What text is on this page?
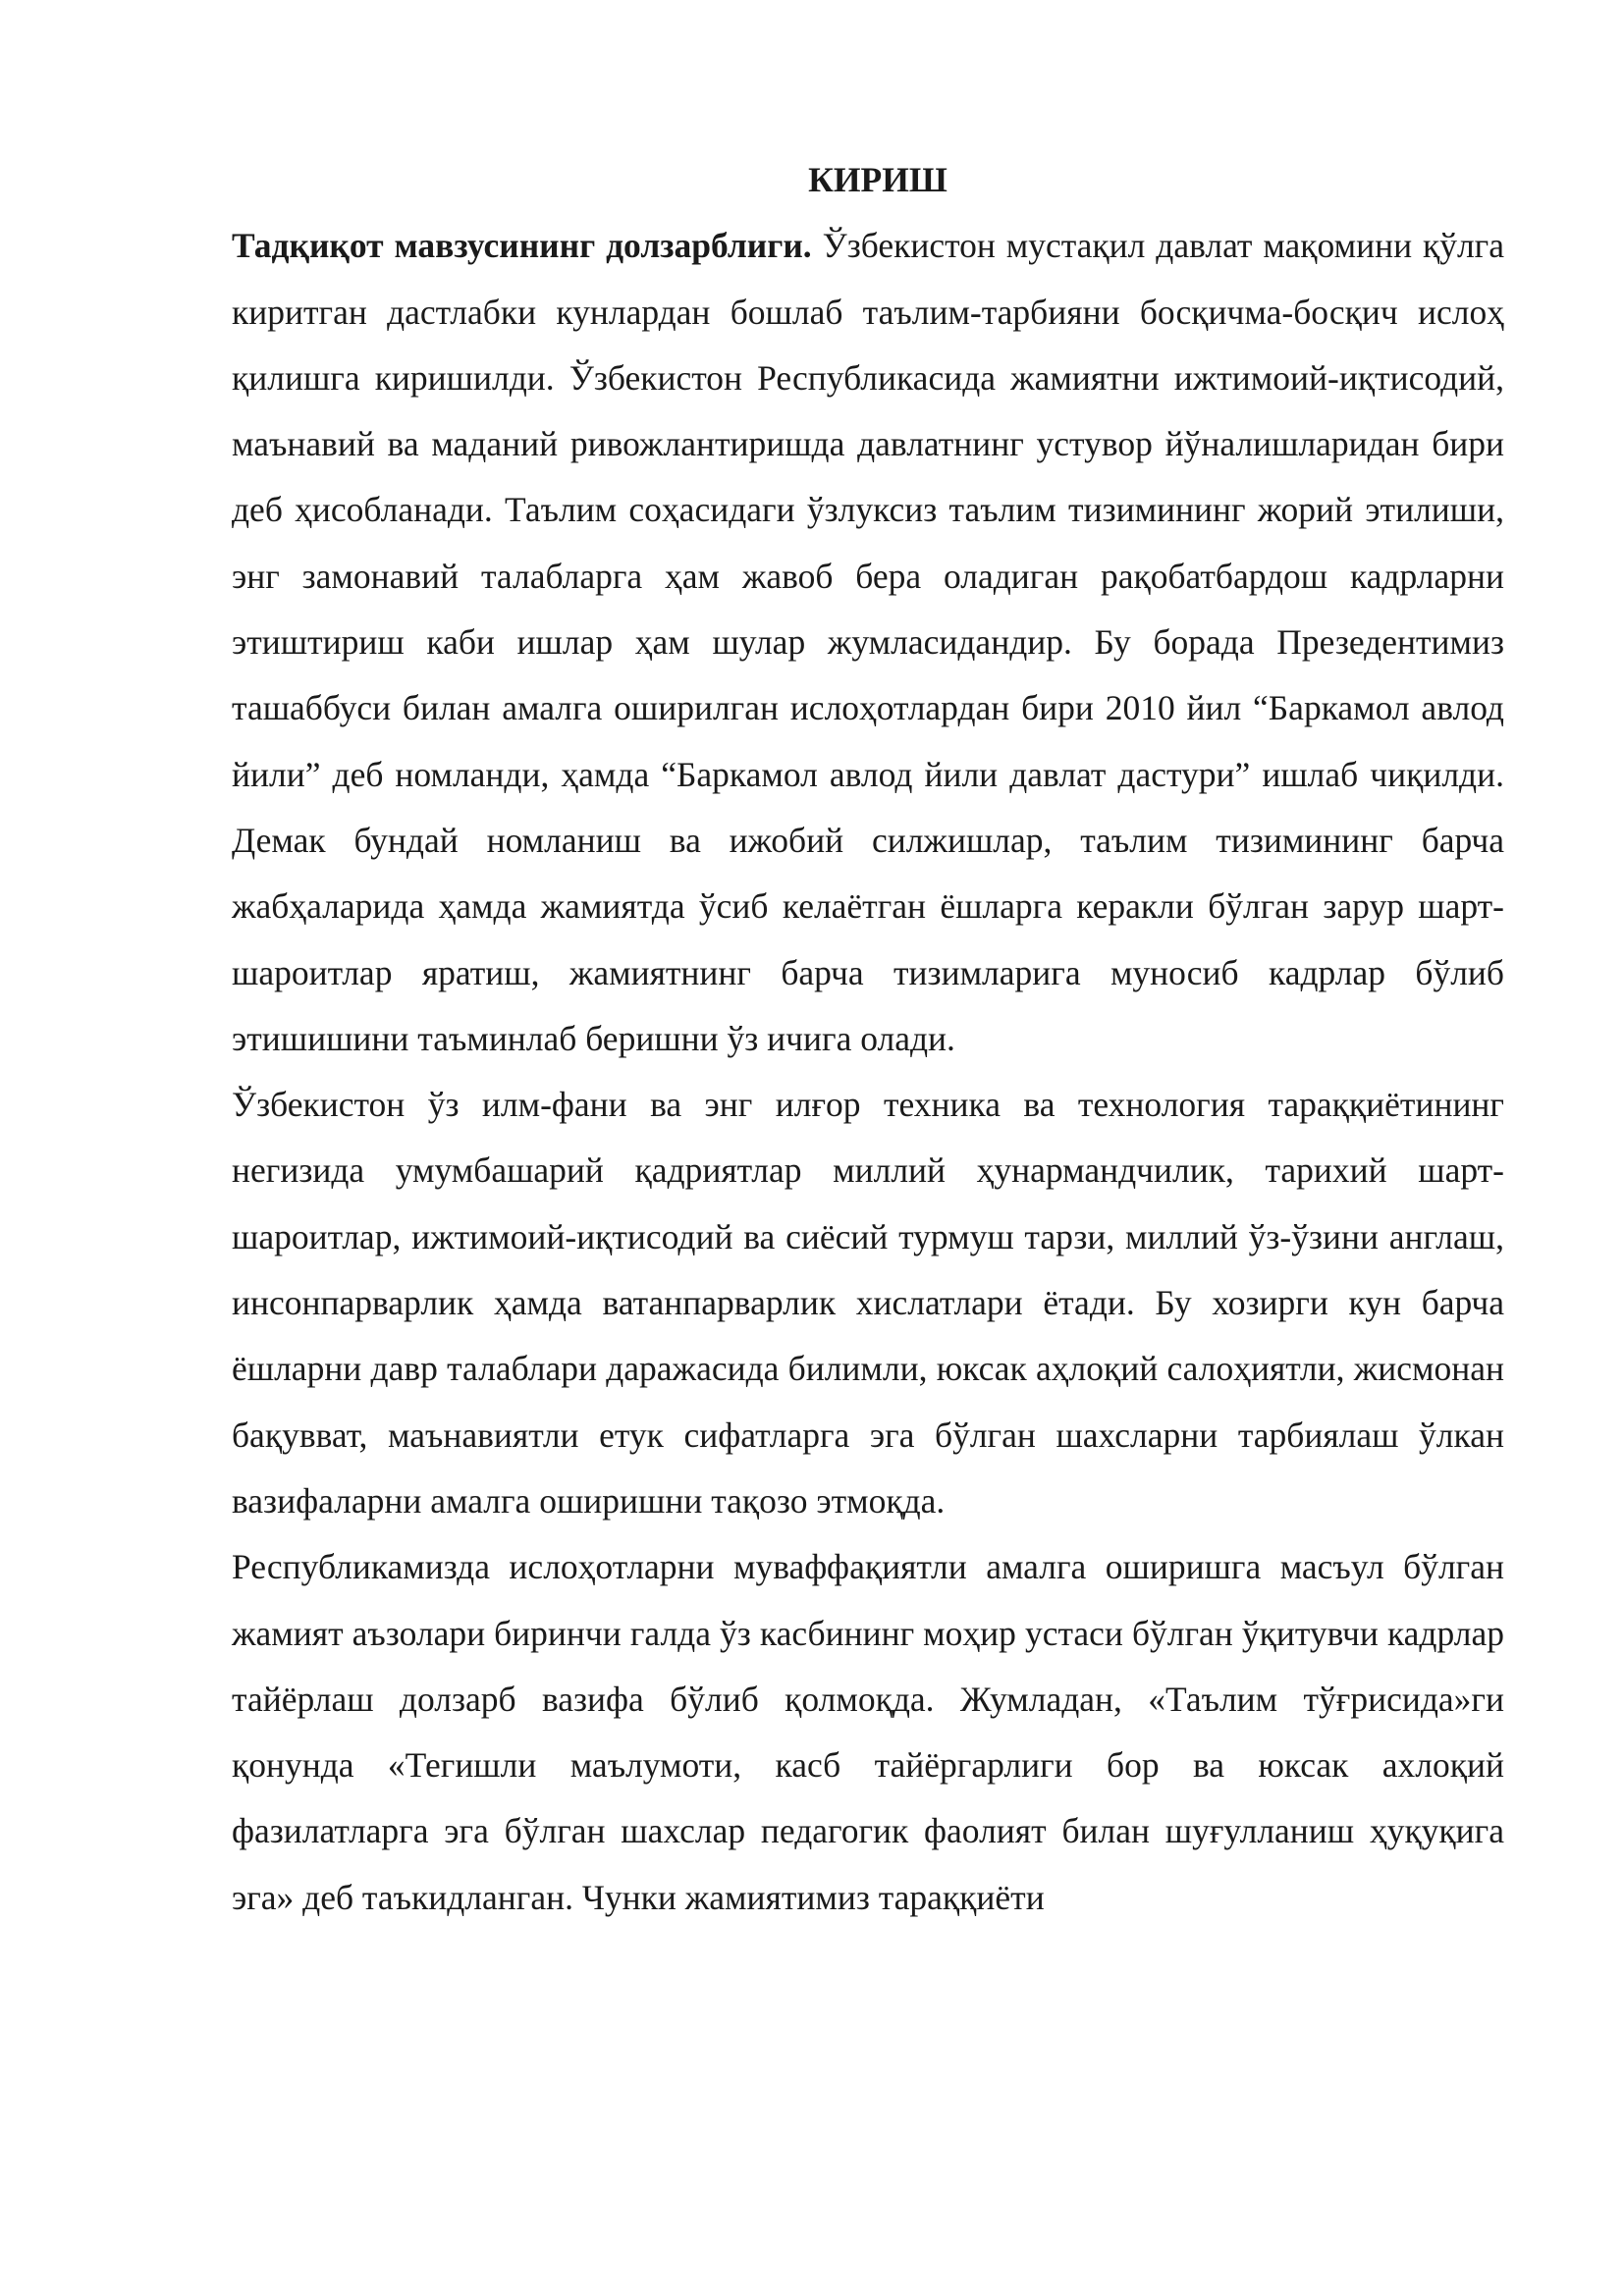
КИРИШ

Тадқиқот мавзусининг долзарблиги. Ўзбекистон мустақил давлат мақомини қўлга киритган дастлабки кунлардан бошлаб таълим-тарбияни босқичма-босқич ислоҳ қилишга киришилди. Ўзбекистон Республикасида жамиятни ижтимоий-иқтисодий, маънавий ва маданий ривожлантиришда давлатнинг устувор йўналишларидан бири деб ҳисобланади. Таълим соҳасидаги ўзлуксиз таълим тизимининг жорий этилиши, энг замонавий талабларга ҳам жавоб бера оладиган рақобатбардош кадрларни этиштириш каби ишлар ҳам шулар жумласидандир. Бу борада Презедентимиз ташаббуси билан амалга оширилган ислоҳотлардан бири 2010 йил “Баркамол авлод йили” деб номланди, ҳамда “Баркамол авлод йили давлат дастури” ишлаб чиқилди. Демак бундай номланиш ва ижобий силжишлар, таълим тизимининг барча жабҳаларида ҳамда жамиятда ўсиб келаётган ёшларга керакли бўлган зарур шарт-шароитлар яратиш, жамиятнинг барча тизимларига муносиб кадрлар бўлиб этишишини таъминлаб беришни ўз ичига олади.

Ўзбекистон ўз илм-фани ва энг илғор техника ва технология тараққиётининг негизида умумбашарий қадриятлар миллий ҳунармандчилик, тарихий шарт-шароитлар, ижтимоий-иқтисодий ва сиёсий турмуш тарзи, миллий ўз-ўзини англаш, инсонпарварлик ҳамда ватанпарварлик хислатлари ётади. Бу хозирги кун барча ёшларни давр талаблари даражасида билимли, юксак аҳлоқий салоҳиятли, жисмонан бақувват, маънавиятли етук сифатларга эга бўлган шахсларни тарбиялаш ўлкан вазифаларни амалга оширишни тақозо этмоқда.

Республикамизда ислоҳотларни муваффақиятли амалга оширишга масъул бўлган жамият аъзолари биринчи галда ўз касбининг моҳир устаси бўлган ўқитувчи кадрлар тайёрлаш долзарб вазифа бўлиб қолмоқда. Жумладан, «Таълим тўғрисида»ги қонунда «Тегишли маълумоти, касб тайёргарлиги бор ва юксак ахлоқий фазилатларга эга бўлган шахслар педагогик фаолият билан шуғулланиш ҳуқуқига эга» деб таъкидланган. Чунки жамиятимиз тараққиёти
